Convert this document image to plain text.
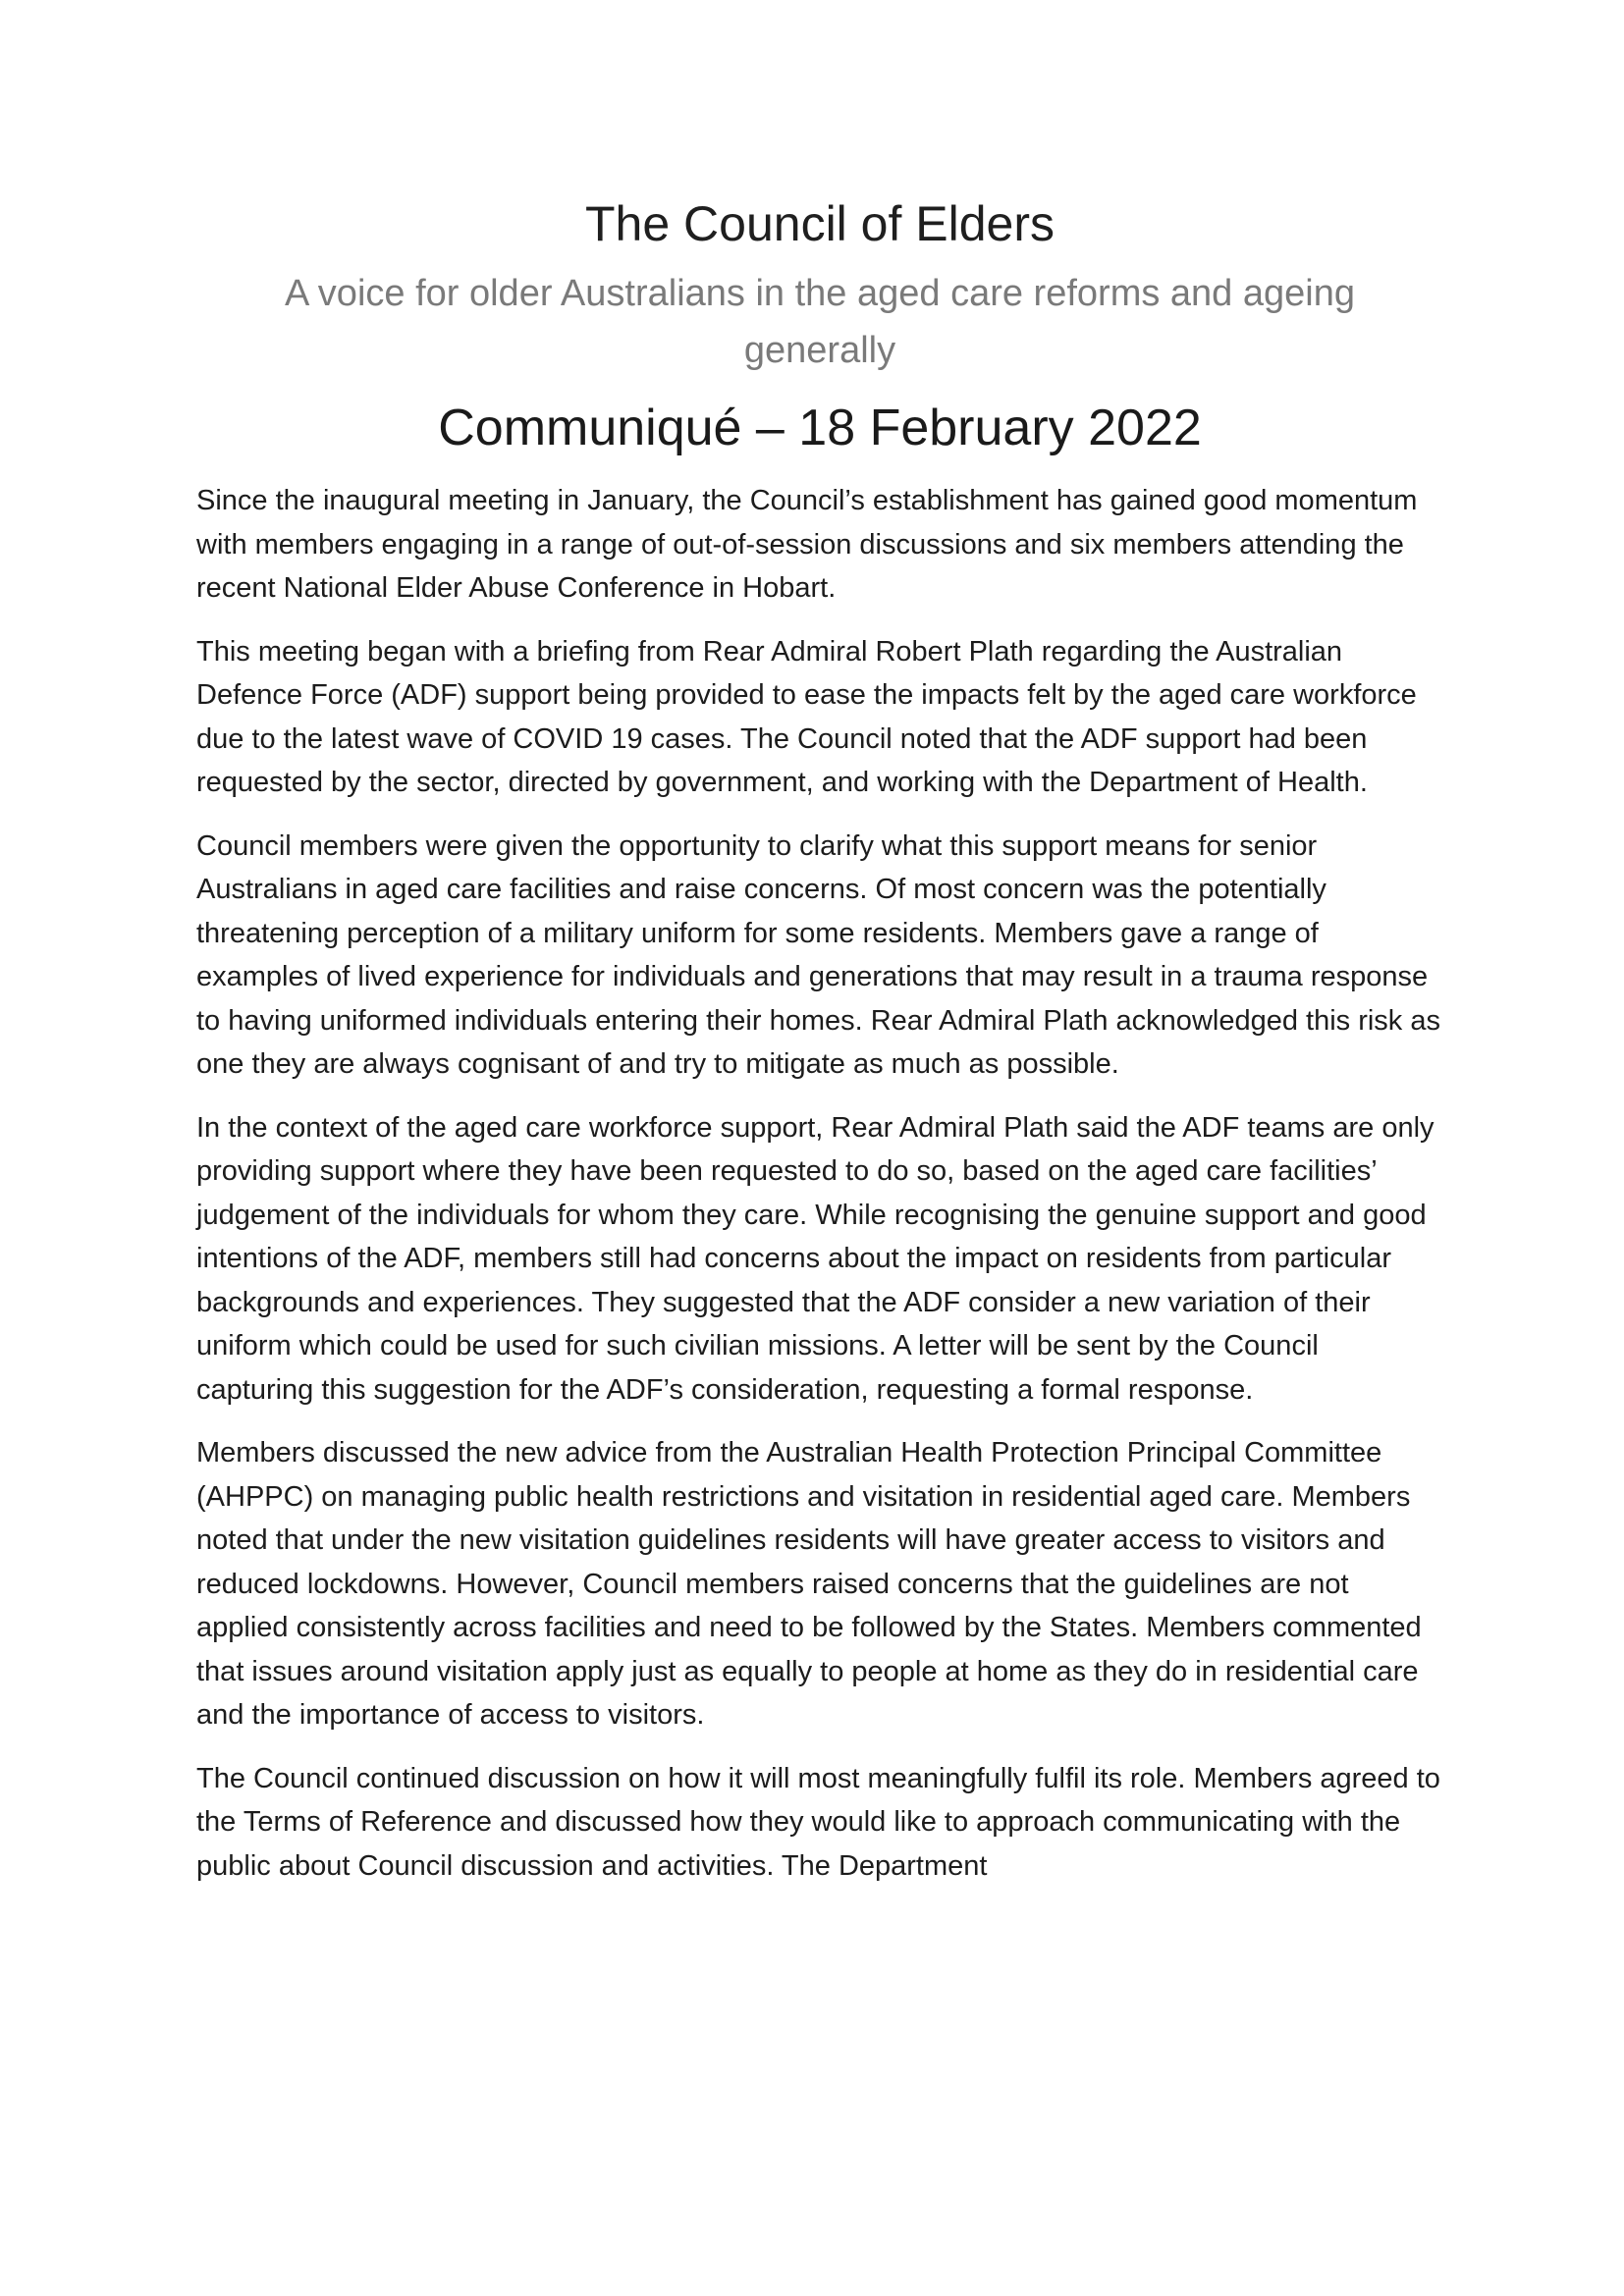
The Council of Elders
A voice for older Australians in the aged care reforms and ageing generally
Communiqué – 18 February 2022

Since the inaugural meeting in January, the Council’s establishment has gained good momentum with members engaging in a range of out-of-session discussions and six members attending the recent National Elder Abuse Conference in Hobart.

This meeting began with a briefing from Rear Admiral Robert Plath regarding the Australian Defence Force (ADF) support being provided to ease the impacts felt by the aged care workforce due to the latest wave of COVID 19 cases. The Council noted that the ADF support had been requested by the sector, directed by government, and working with the Department of Health.

Council members were given the opportunity to clarify what this support means for senior Australians in aged care facilities and raise concerns. Of most concern was the potentially threatening perception of a military uniform for some residents. Members gave a range of examples of lived experience for individuals and generations that may result in a trauma response to having uniformed individuals entering their homes. Rear Admiral Plath acknowledged this risk as one they are always cognisant of and try to mitigate as much as possible.

In the context of the aged care workforce support, Rear Admiral Plath said the ADF teams are only providing support where they have been requested to do so, based on the aged care facilities’ judgement of the individuals for whom they care. While recognising the genuine support and good intentions of the ADF, members still had concerns about the impact on residents from particular backgrounds and experiences. They suggested that the ADF consider a new variation of their uniform which could be used for such civilian missions. A letter will be sent by the Council capturing this suggestion for the ADF’s consideration, requesting a formal response.

Members discussed the new advice from the Australian Health Protection Principal Committee (AHPPC) on managing public health restrictions and visitation in residential aged care. Members noted that under the new visitation guidelines residents will have greater access to visitors and reduced lockdowns. However, Council members raised concerns that the guidelines are not applied consistently across facilities and need to be followed by the States. Members commented that issues around visitation apply just as equally to people at home as they do in residential care and the importance of access to visitors.

The Council continued discussion on how it will most meaningfully fulfil its role. Members agreed to the Terms of Reference and discussed how they would like to approach communicating with the public about Council discussion and activities. The Department
